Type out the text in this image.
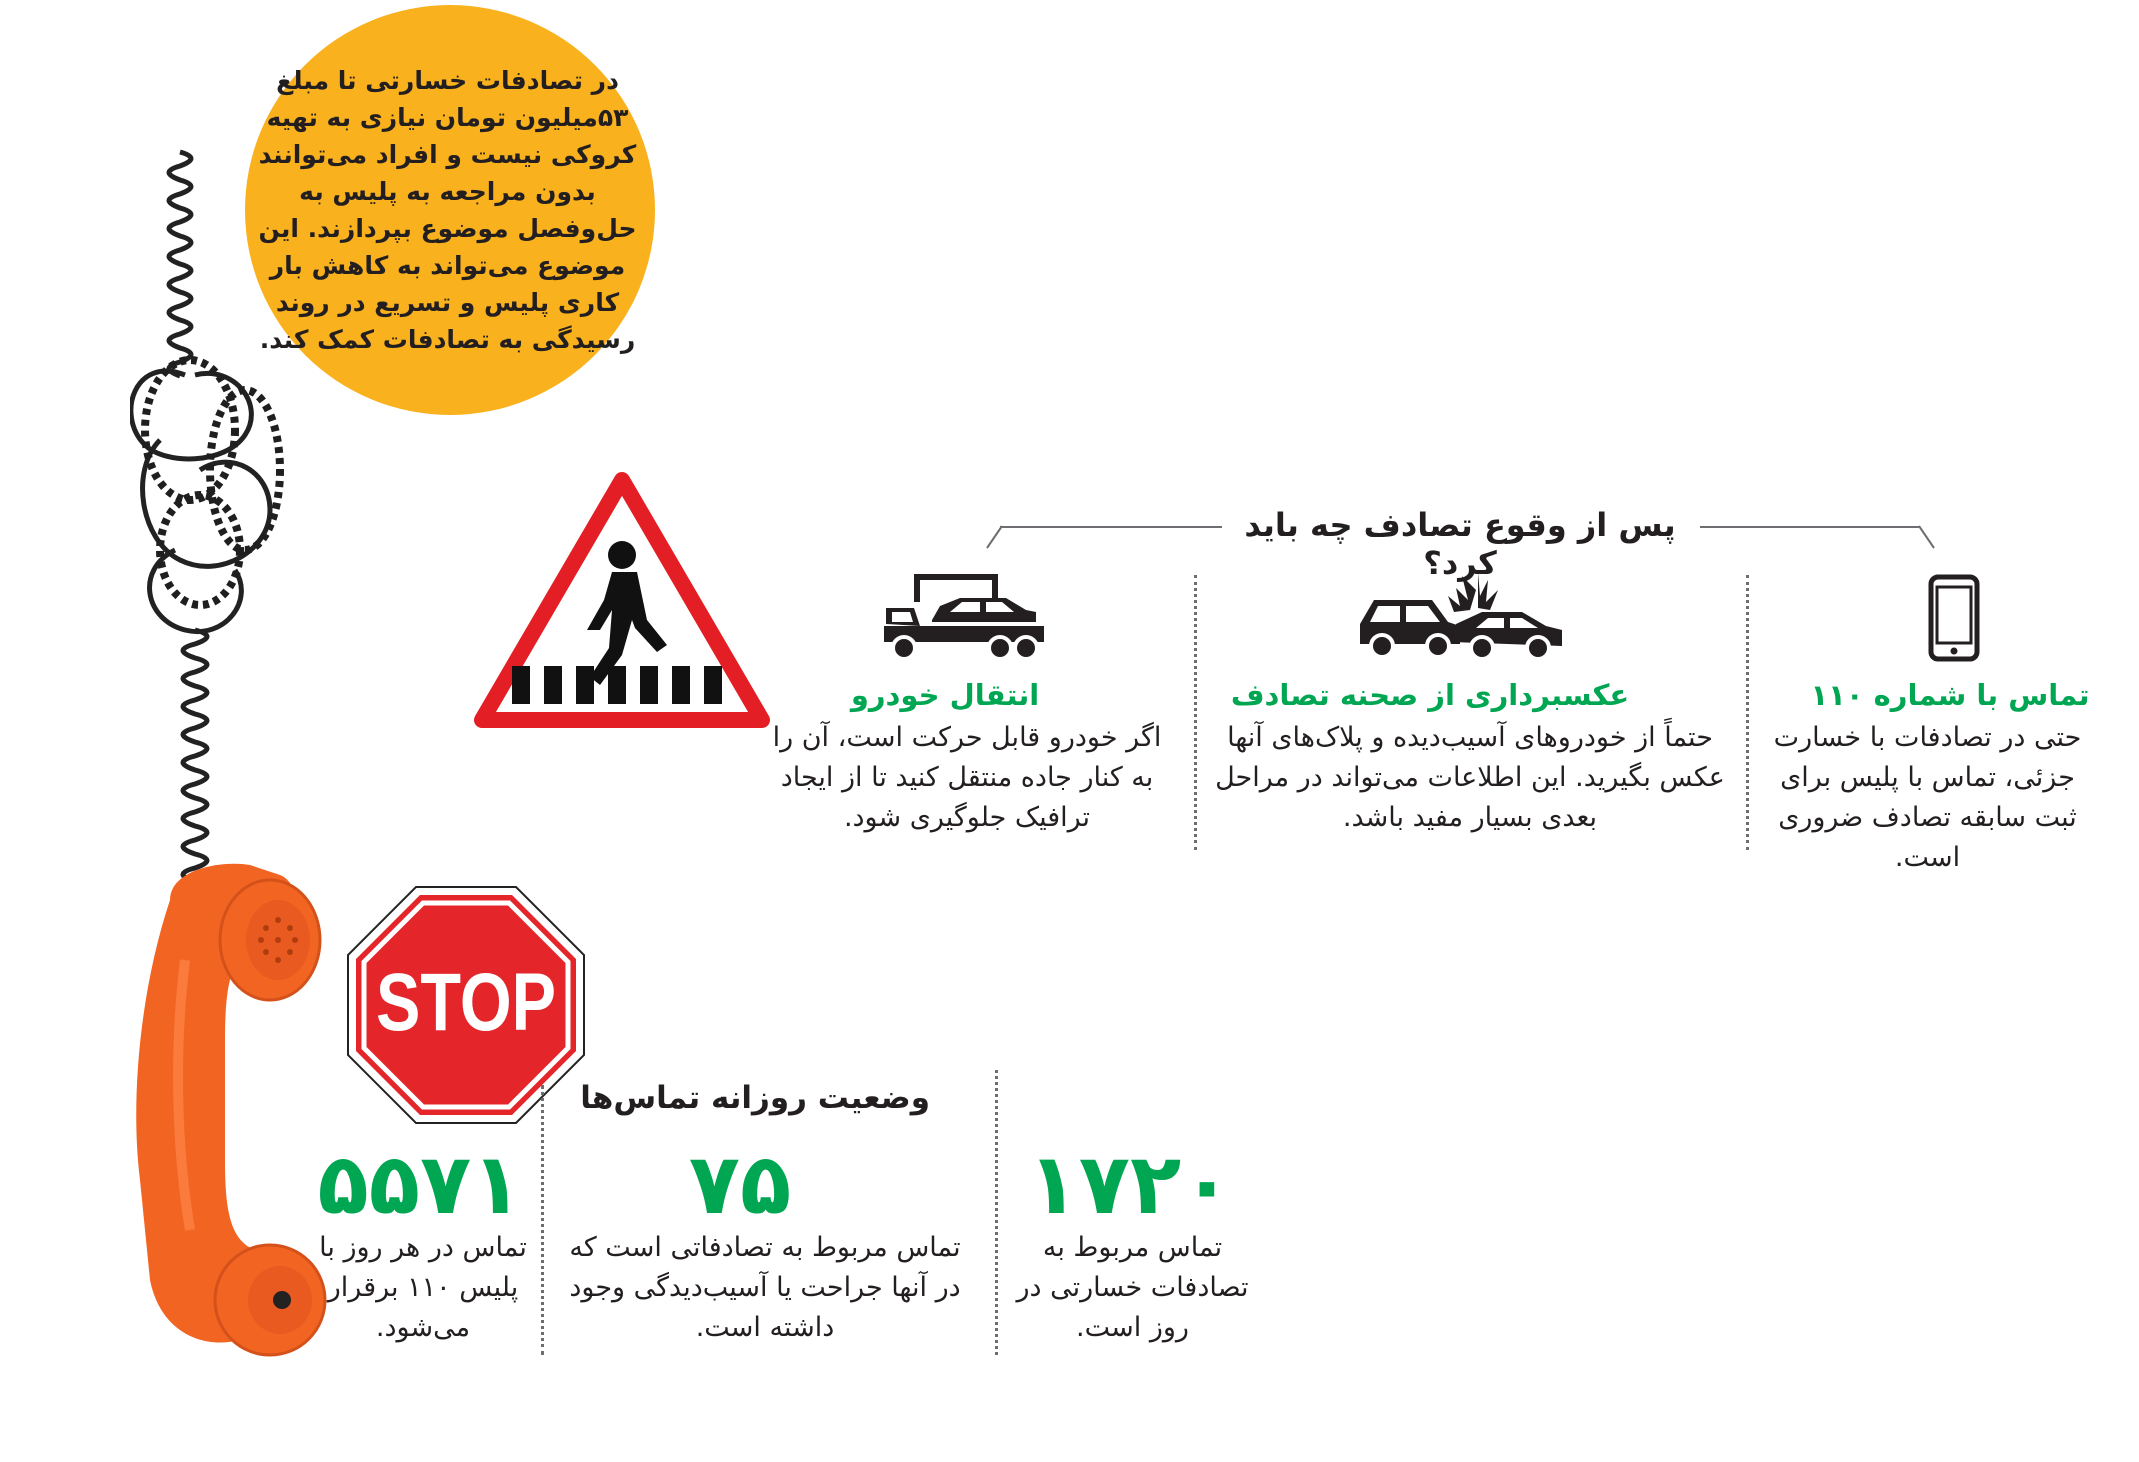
در تصادفات خسارتی تا مبلغ ۵۳میلیون تومان نیازی به تهیه کروکی نیست و افراد می‌توانند بدون مراجعه به پلیس به حل‌وفصل موضوع بپردازند. این موضوع می‌تواند به کاهش بار کاری پلیس و تسریع در روند رسیدگی به تصادفات کمک کند.
پس از وقوع تصادف چه باید کرد؟
تماس با شماره ۱۱۰
حتی در تصادفات با خسارت جزئی، تماس با پلیس برای ثبت سابقه تصادف ضروری است.
عکسبرداری از صحنه تصادف
حتماً از خودروهای آسیب‌دیده و پلاک‌های آنها عکس بگیرید. این اطلاعات می‌تواند در مراحل بعدی بسیار مفید باشد.
انتقال خودرو
اگر خودرو قابل حرکت است، آن را به کنار جاده منتقل کنید تا از ایجاد ترافیک جلوگیری شود.
STOP
وضعیت روزانه تماس‌ها
۱۷۲۰
تماس مربوط به تصادفات خسارتی در روز است.
۷۵
تماس مربوط به تصادفاتی است که در آنها جراحت یا آسیب‌دیدگی وجود داشته است.
۵۵۷۱
تماس در هر روز با پلیس ۱۱۰ برقرار می‌شود.
